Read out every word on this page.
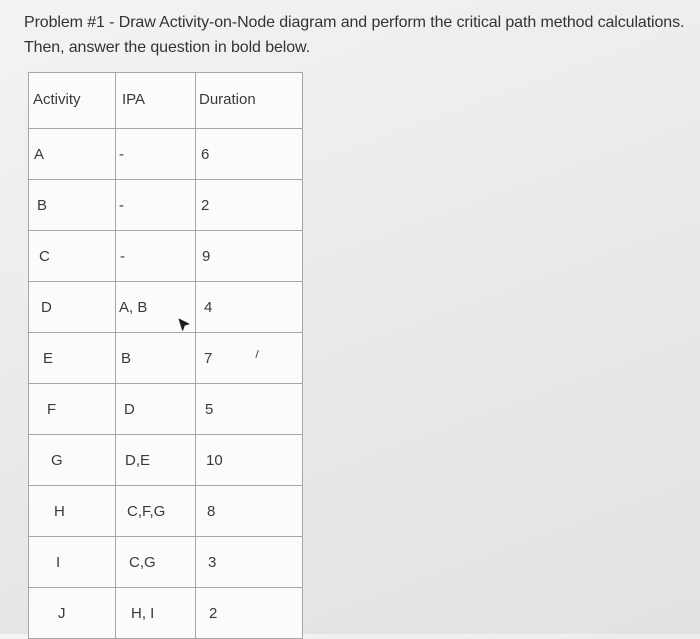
Problem #1 - Draw Activity-on-Node diagram and perform the critical path method calculations.
Then, answer the question in bold below.
Activity	IPA	Duration

A	-	6

B	-	2

C	-	9

D	A, B	4

E	B	7

F	D	5

G	D,E	10

H	C,F,G	8

I	C,G	3

J	H, I	2
